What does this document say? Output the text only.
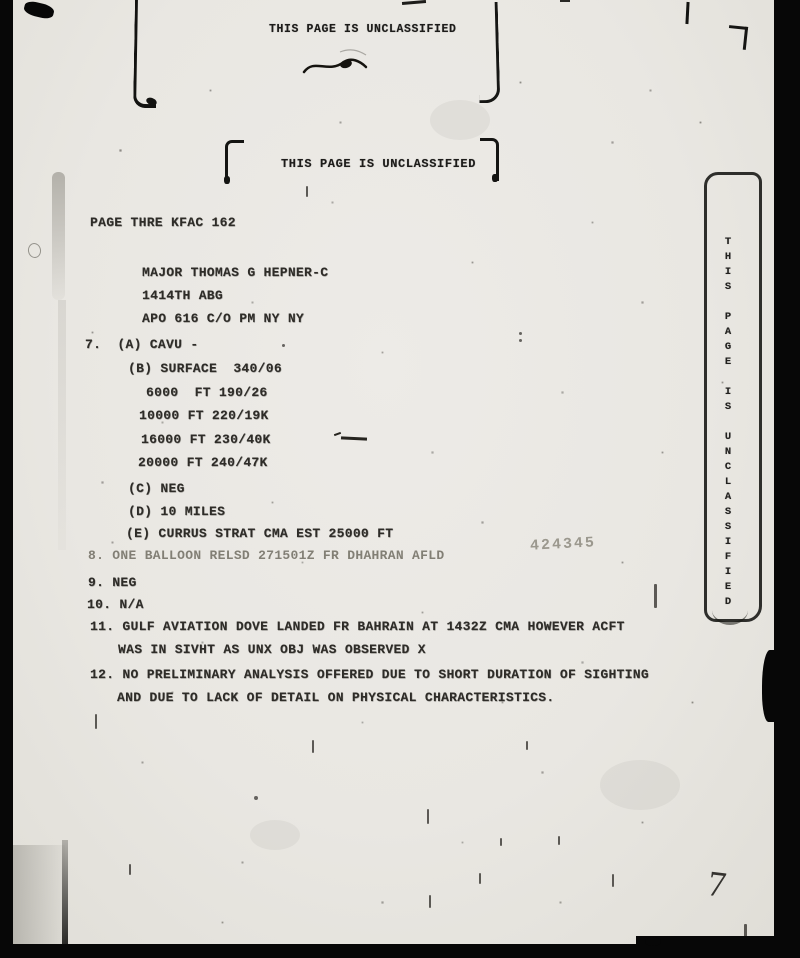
THIS PAGE IS UNCLASSIFIED
THIS PAGE IS UNCLASSIFIED
PAGE THRE KFAC 162
MAJOR THOMAS G HEPNER-C
1414TH ABG
APO 616 C/O PM NY NY
7.  (A) CAVU -
(B) SURFACE  340/06
6000  FT 190/26
10000 FT 220/19K
16000 FT 230/40K
20000 FT 240/47K
(C) NEG
(D) 10 MILES
(E) CURRUS STRAT CMA EST 25000 FT
8. ONE BALLOON RELSD 271501Z FR DHAHRAN AFLD
424345
9. NEG
10. N/A
11. GULF AVIATION DOVE LANDED FR BAHRAIN AT 1432Z CMA HOWEVER ACFT
WAS IN SIVHT AS UNX OBJ WAS OBSERVED X
12. NO PRELIMINARY ANALYSIS OFFERED DUE TO SHORT DURATION OF SIGHTING
AND DUE TO LACK OF DETAIL ON PHYSICAL CHARACTERISTICS.
THIS PAGE IS UNCLASSIFIED
7
